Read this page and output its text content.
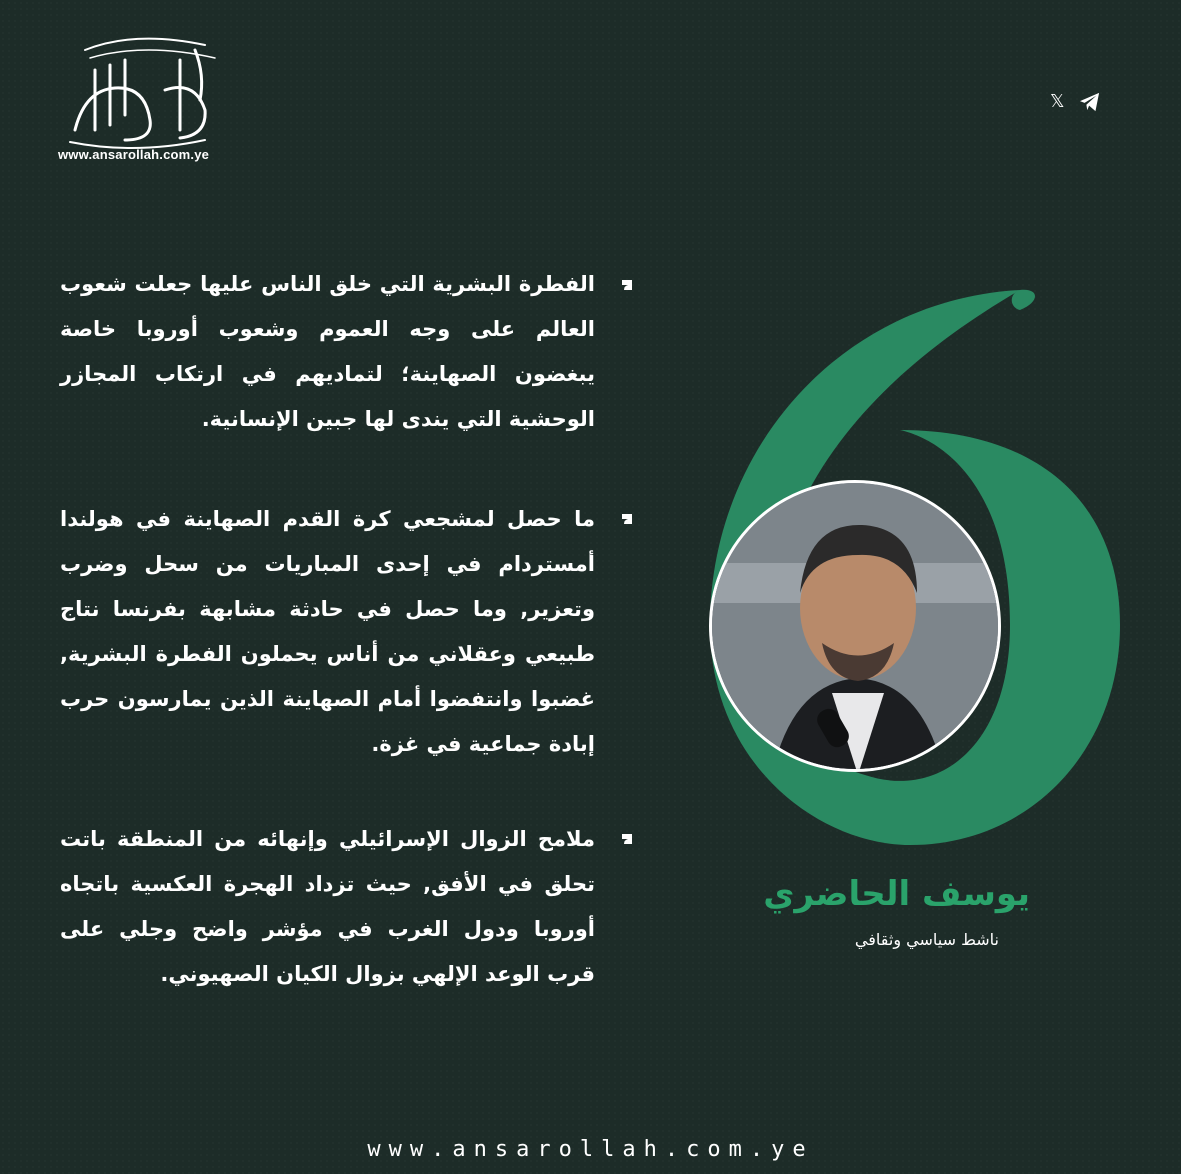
www.ansarollah.com.ye
𝕏
يوسف الحاضري
ناشط سياسي وثقافي
الفطرة البشرية التي خلق الناس عليها جعلت شعوب العالم على وجه العموم وشعوب أوروبا خاصة يبغضون الصهاينة؛ لتماديهم في ارتكاب المجازر الوحشية التي يندى لها جبين الإنسانية.
ما حصل لمشجعي كرة القدم الصهاينة في هولندا أمستردام في إحدى المباريات من سحل وضرب وتعزير, وما حصل في حادثة مشابهة بفرنسا نتاج طبيعي وعقلاني من أناس يحملون الفطرة البشرية, غضبوا وانتفضوا أمام الصهاينة الذين يمارسون حرب إبادة جماعية في غزة.
ملامح الزوال الإسرائيلي وإنهائه من المنطقة باتت تحلق في الأفق, حيث تزداد الهجرة العكسية باتجاه أوروبا ودول الغرب في مؤشر واضح وجلي على قرب الوعد الإلهي بزوال الكيان الصهيوني.
www.ansarollah.com.ye
